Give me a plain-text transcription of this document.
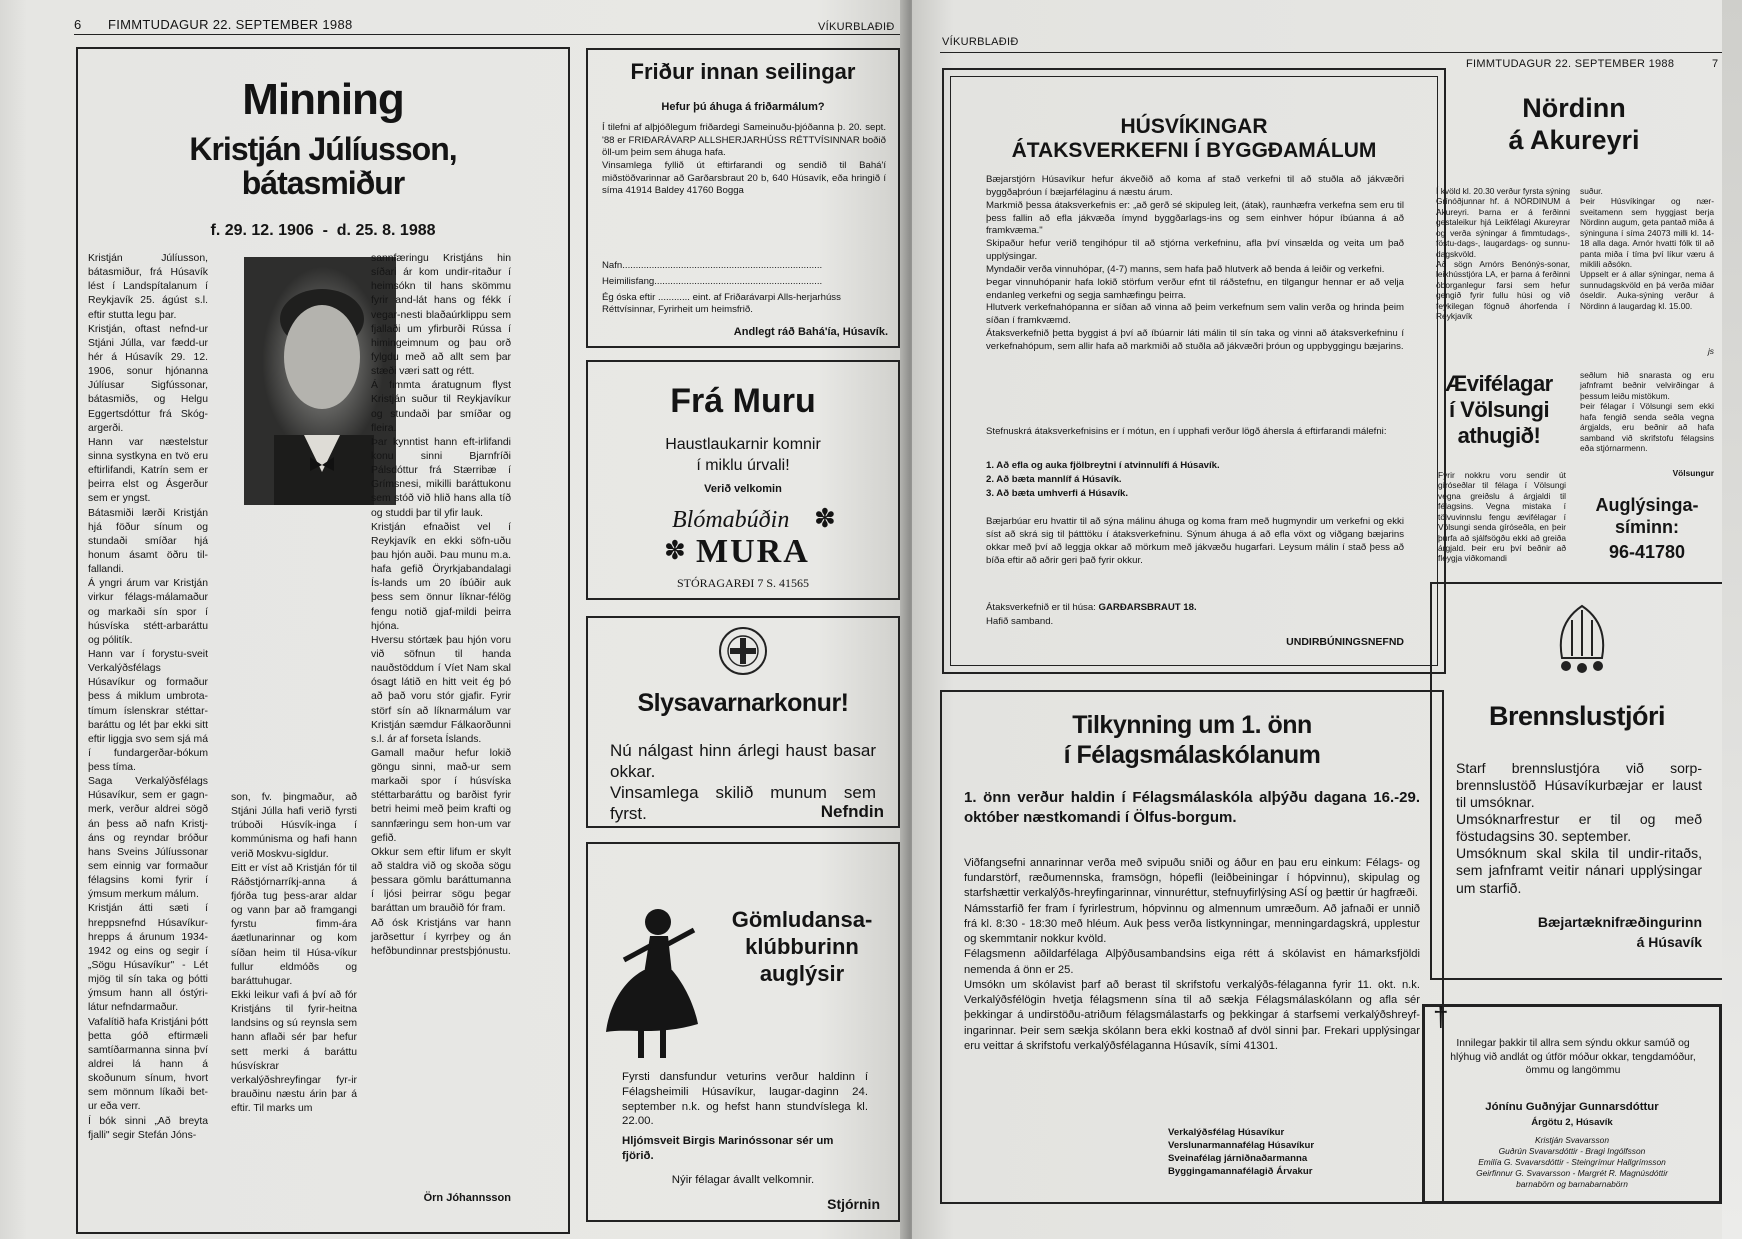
6 FIMMTUDAGUR 22. SEPTEMBER 1988	VÍKURBLAÐIÐ
Minning
Kristján Júlíusson,
bátasmiður
f. 29. 12. 1906  -  d. 25. 8. 1988
Kristján Júlíusson, bátasmiður, frá Húsavík lést í Landspítalanum í Reykjavík 25. ágúst s.l. eftir stutta legu þar.
Kristján, oftast nefnd-ur Stjáni Júlla, var fædd-ur hér á Húsavík 29. 12. 1906, sonur hjónanna Júlíusar Sigfússonar, bátasmiðs, og Helgu Eggertsdóttur frá Skóg-argerði.
Hann var næstelstur sinna systkyna en tvö eru eftirlifandi, Katrín sem er þeirra elst og Ásgerður sem er yngst.
Bátasmiði lærði Kristján hjá föður sínum og stundaði smíðar hjá honum ásamt öðru til-fallandi.
Á yngri árum var Kristján virkur félags-málamaður og markaði sín spor í húsvíska stétt-arbaráttu og pólitík.
Hann var í forystu-sveit Verkalýðsfélags Húsavíkur og formaður þess á miklum umbrota-tímum íslenskrar stéttar-baráttu og lét þar ekki sitt eftir liggja svo sem sjá má í fundargerðar-bókum þess tíma.
Saga Verkalýðsfélags Húsavíkur, sem er gagn-merk, verður aldrei sögð án þess að nafn Kristj-áns og reyndar bróður hans Sveins Júlíussonar sem einnig var formaður félagsins komi fyrir í ýmsum merkum málum.
Kristján átti sæti í hreppsnefnd Húsavíkur-hrepps á árunum 1934-1942 og eins og segir í „Sögu Húsavíkur" - Lét mjög til sín taka og þótti ýmsum hann all óstýri-látur nefndarmaður.
Vafalítið hafa Kristjáni þótt þetta góð eftirmæli samtíðarmanna sinna því aldrei lá hann á skoðunum sínum, hvort sem mönnum líkaði bet-ur eða verr.
Í bók sinni „Að breyta fjalli" segir Stefán Jóns-
son, fv. þingmaður, að Stjáni Júlla hafi verið fyrsti trúboði Húsvík-inga í kommúnisma og hafi hann verið Moskvu-sigldur.
Eitt er víst að Kristján fór til Ráðstjórnarríkj-anna á fjórða tug þess-arar aldar og vann þar að framgangi fyrstu fimm-ára áætlunarinnar og kom síðan heim til Húsa-víkur fullur eldmóðs og baráttuhugar.
Ekki leikur vafi á því að fór Kristjáns til fyrir-heitna landsins og sú reynsla sem hann aflaði sér þar hefur sett merki á baráttu húsvískrar verkalýðshreyfingar fyr-ir brauðinu næstu árin þar á eftir. Til marks um
sannfæringu Kristjáns hin síðari ár kom undir-ritaður í heimsókn til hans skömmu fyrir and-lát hans og fékk í vegar-nesti blaðaúrklippu sem fjallaði um yfirburði Rússa í himingeimnum og þau orð fylgdu með að allt sem þar stæði væri satt og rétt.
Á fimmta áratugnum flyst Kristján suður til Reykjavíkur og stundaði þar smíðar og fleira.
Þar kynntist hann eft-irlifandi konu sinni Bjarnfríði Pálsdóttur frá Stærribæ í Grímsnesi, mikilli baráttukonu sem stóð við hlið hans alla tíð og studdi þar til yfir lauk.
Kristján efnaðist vel í Reykjavík en ekki söfn-uðu þau hjón auði. Þau munu m.a. hafa gefið Öryrkjabandalagi Ís-lands um 20 íbúðir auk þess sem önnur líknar-félög fengu notið gjaf-mildi þeirra hjóna.
Hversu stórtæk þau hjón voru við söfnun til handa nauðstöddum í Víet Nam skal ósagt látið en hitt veit ég þó að það voru stór gjafir. Fyrir störf sín að líknarmálum var Kristján sæmdur Fálkaorðunni s.l. ár af forseta Íslands.
Gamall maður hefur lokið göngu sinni, mað-ur sem markaði spor í húsvíska stéttarbaráttu og barðist fyrir betri heimi með þeim krafti og sannfæringu sem hon-um var gefið.
Okkur sem eftir lifum er skylt að staldra við og skoða sögu þessara gömlu baráttumanna í ljósi þeirrar sögu þegar baráttan um brauðið fór fram.
Að ósk Kristjáns var hann jarðsettur í kyrrþey og án hefðbundinnar prestsþjónustu.
Örn Jóhannsson
Friður innan seilingar
Hefur þú áhuga á friðarmálum?
Í tilefni af alþjóðlegum friðardegi Sameinuðu-þjóðanna þ. 20. sept. '88 er FRIÐARÁVARP ALLSHERJARHÚSS RÉTTVÍSINNAR boðið öll-um þeim sem áhuga hafa.
Vinsamlega fyllið út eftirfarandi og sendið til Bahá'í miðstöðvarinnar að Garðarsbraut 20 b, 640 Húsavík, eða hringið í síma 41914 Baldey 41760 Bogga
Nafn...........................................................................
Heimilisfang...............................................................
Ég óska eftir ............ eint. af Friðarávarpi Alls-herjarhúss Réttvísinnar, Fyrirheit um heimsfrið.
Andlegt ráð Bahá'ía, Húsavík.
Frá Muru
Haustlaukarnir komnir
í miklu úrvali!
Verið velkomin
Blómabúðin ✽
✽ MURA
STÓRAGARÐI 7 S. 41565
Slysavarnarkonur!
Nú nálgast hinn árlegi haust basar okkar.
Vinsamlega skilið munum sem fyrst.	Nefndin
Gömludansa-
klúbburinn
auglýsir
Fyrsti dansfundur veturins verður haldinn í Félagsheimili Húsavíkur, laugar-daginn 24. september n.k. og hefst hann stundvíslega kl. 22.00.
Hljómsveit Birgis Marinóssonar sér um fjörið.
Nýir félagar ávallt velkomnir.
Stjórnin
VÍKURBLAÐIÐ
FIMMTUDAGUR 22. SEPTEMBER 1988	7
HÚSVÍKINGAR
ÁTAKSVERKEFNI Í BYGGÐAMÁLUM
Bæjarstjórn Húsavíkur hefur ákveðið að koma af stað verkefni til að stuðla að jákvæðri byggðaþróun í bæjarfélaginu á næstu árum.
Markmið þessa átaksverkefnis er: „að gerð sé skipuleg leit, (átak), raunhæfra verkefna sem eru til þess fallin að efla jákvæða ímynd byggðarlags-ins og sem einhver hópur íbúanna á að framkvæma."
Skipaður hefur verið tengihópur til að stjórna verkefninu, afla því vinsælda og veita um það upplýsingar.
Myndaðir verða vinnuhópar, (4-7) manns, sem hafa það hlutverk að benda á leiðir og verkefni.
Þegar vinnuhópanir hafa lokið störfum verður efnt til ráðstefnu, en tilgangur hennar er að velja endanleg verkefni og segja samhæfingu þeirra.
Hlutverk verkefnahópanna er síðan að vinna að þeim verkefnum sem valin verða og hrinda þeim síðan í framkvæmd.
Átaksverkefnið þetta byggist á því að íbúarnir láti málin til sín taka og vinni að átaksverkefninu í verkefnahópum, sem allir hafa að markmiði að stuðla að jákvæðri þróun og uppbyggingu bæjarins.
Stefnuskrá átaksverkefnisins er í mótun, en í upphafi verður lögð áhersla á eftirfarandi málefni:
1. Að efla og auka fjölbreytni í atvinnulífi á Húsavík.
2. Að bæta mannlíf á Húsavík.
3. Að bæta umhverfi á Húsavík.
Bæjarbúar eru hvattir til að sýna málinu áhuga og koma fram með hugmyndir um verkefni og ekki síst að skrá sig til þátttöku í átaksverkefninu. Sýnum áhuga á að efla vöxt og viðgang bæjarins okkar með því að leggja okkar að mörkum með jákvæðu hugarfari. Leysum málin í stað þess að bíða eftir að aðrir geri það fyrir okkur.
Átaksverkefnið er til húsa: GARÐARSBRAUT 18.
Hafið samband.
UNDIRBÚNINGSNEFND
Nördinn
á Akureyri
Í kvöld kl. 20.30 verður fyrsta sýning Grínóðjunnar hf. á NÖRDINUM á Akureyri. Þarna er á ferðinni gestaleikur hjá Leikfélagi Akureyrar og verða sýningar á fimmtudags-, föstu-dags-, laugardags- og sunnu-dagskvöld.
Að sögn Arnórs Benónýs-sonar, leikhússtjóra LA, er þarna á ferðinni óborganlegur farsi sem hefur gengið fyrir fullu húsi og við feykilegan fögnuð áhorfenda í Reykjavík
suður.
Þeir Húsvíkingar og nær-sveitamenn sem hyggjast berja Nördinn augum, geta pantað miða á sýninguna í síma 24073 milli kl. 14-18 alla daga. Arnór hvatti fólk til að panta miða í tíma því líkur væru á miklili aðsókn.
Uppselt er á allar sýningar, nema á sunnudagskvöld en þá verða miðar óseldir. Auka-sýning verður á Nördinn á laugardag kl. 15.00.
js
Ævifélagar
í Völsungi
athugið!
Fyrir nokkru voru sendir út gíróseðlar til félaga í Völsungi vegna greiðslu á árgjaldi til félagsins. Vegna mistaka í tölvuvinnslu fengu ævifélagar í Völsungi senda gíróseðla, en þeir þurfa að sjálfsögðu ekki að greiða árgjald. Þeir eru því beðnir að fleygja viðkomandi
seðlum hið snarasta og eru jafnframt beðnir velvirðingar á þessum leiðu mistökum.
Þeir félagar í Völsungi sem ekki hafa fengið senda seðla vegna árgjalds, eru beðnir að hafa samband við skrifstofu félagsins eða stjórnarmenn.
Völsungur
Auglýsinga-
síminn:
96-41780
Tilkynning um 1. önn
í Félagsmálaskólanum
1. önn verður haldin í Félagsmálaskóla alþýðu dagana 16.-29. október næstkomandi í Ölfus-borgum.
Viðfangsefni annarinnar verða með svipuðu sniði og áður en þau eru einkum: Félags- og fundarstörf, ræðumennska, framsögn, hópefli (leiðbeiningar í hópvinnu), skipulag og starfshættir verkalýðs-hreyfingarinnar, vinnuréttur, stefnuyfirlýsing ASÍ og þættir úr hagfræði.
Námsstarfið fer fram í fyrirlestrum, hópvinnu og almennum umræðum. Að jafnaði er unnið frá kl. 8:30 - 18:30 með hléum. Auk þess verða listkynningar, menningardagskrá, upplestur og skemmtanir nokkur kvöld.
Félagsmenn aðildarfélaga Alþýðusambandsins eiga rétt á skólavist en hámarksfjöldi nemenda á önn er 25.
Umsókn um skólavist þarf að berast til skrifstofu verkalýðs-félaganna fyrir 11. okt. n.k. Verkalýðsfélögin hvetja félagsmenn sína til að sækja Félagsmálaskólann og afla sér þekkingar á undirstöðu-atriðum félagsmálastarfs og þekkingar á starfsemi verkalýðshreyf-ingarinnar. Þeir sem sækja skólann bera ekki kostnað af dvöl sinni þar. Frekari upplýsingar eru veittar á skrifstofu verkalýðsfélaganna Húsavík, sími 41301.
Verkalýðsfélag Húsavíkur
Verslunarmannafélag Húsavíkur
Sveinafélag járniðnaðarmanna
Byggingamannafélagið Árvakur
Brennslustjóri
Starf brennslustjóra við sorp-brennslustöð Húsavíkurbæjar er laust til umsóknar.
Umsóknarfrestur er til og með föstudagsins 30. september.
Umsóknum skal skila til undir-ritaðs, sem jafnframt veitir nánari upplýsingar um starfið.
Bæjartæknifræðingurinn
á Húsavík
†
Innilegar þakkir til allra sem sýndu okkur samúð og hlýhug við andlát og útför móður okkar, tengdamóður, ömmu og langömmu
Jónínu Guðnýjar Gunnarsdóttur
Árgötu 2, Húsavík
Kristján Svavarsson
Guðrún Svavarsdóttir - Bragi Ingólfsson
Emilía G. Svavarsdóttir - Steingrímur Hallgrímsson
Geirfinnur G. Svavarsson - Margrét R. Magnúsdóttir
barnabörn og barnabarnabörn
